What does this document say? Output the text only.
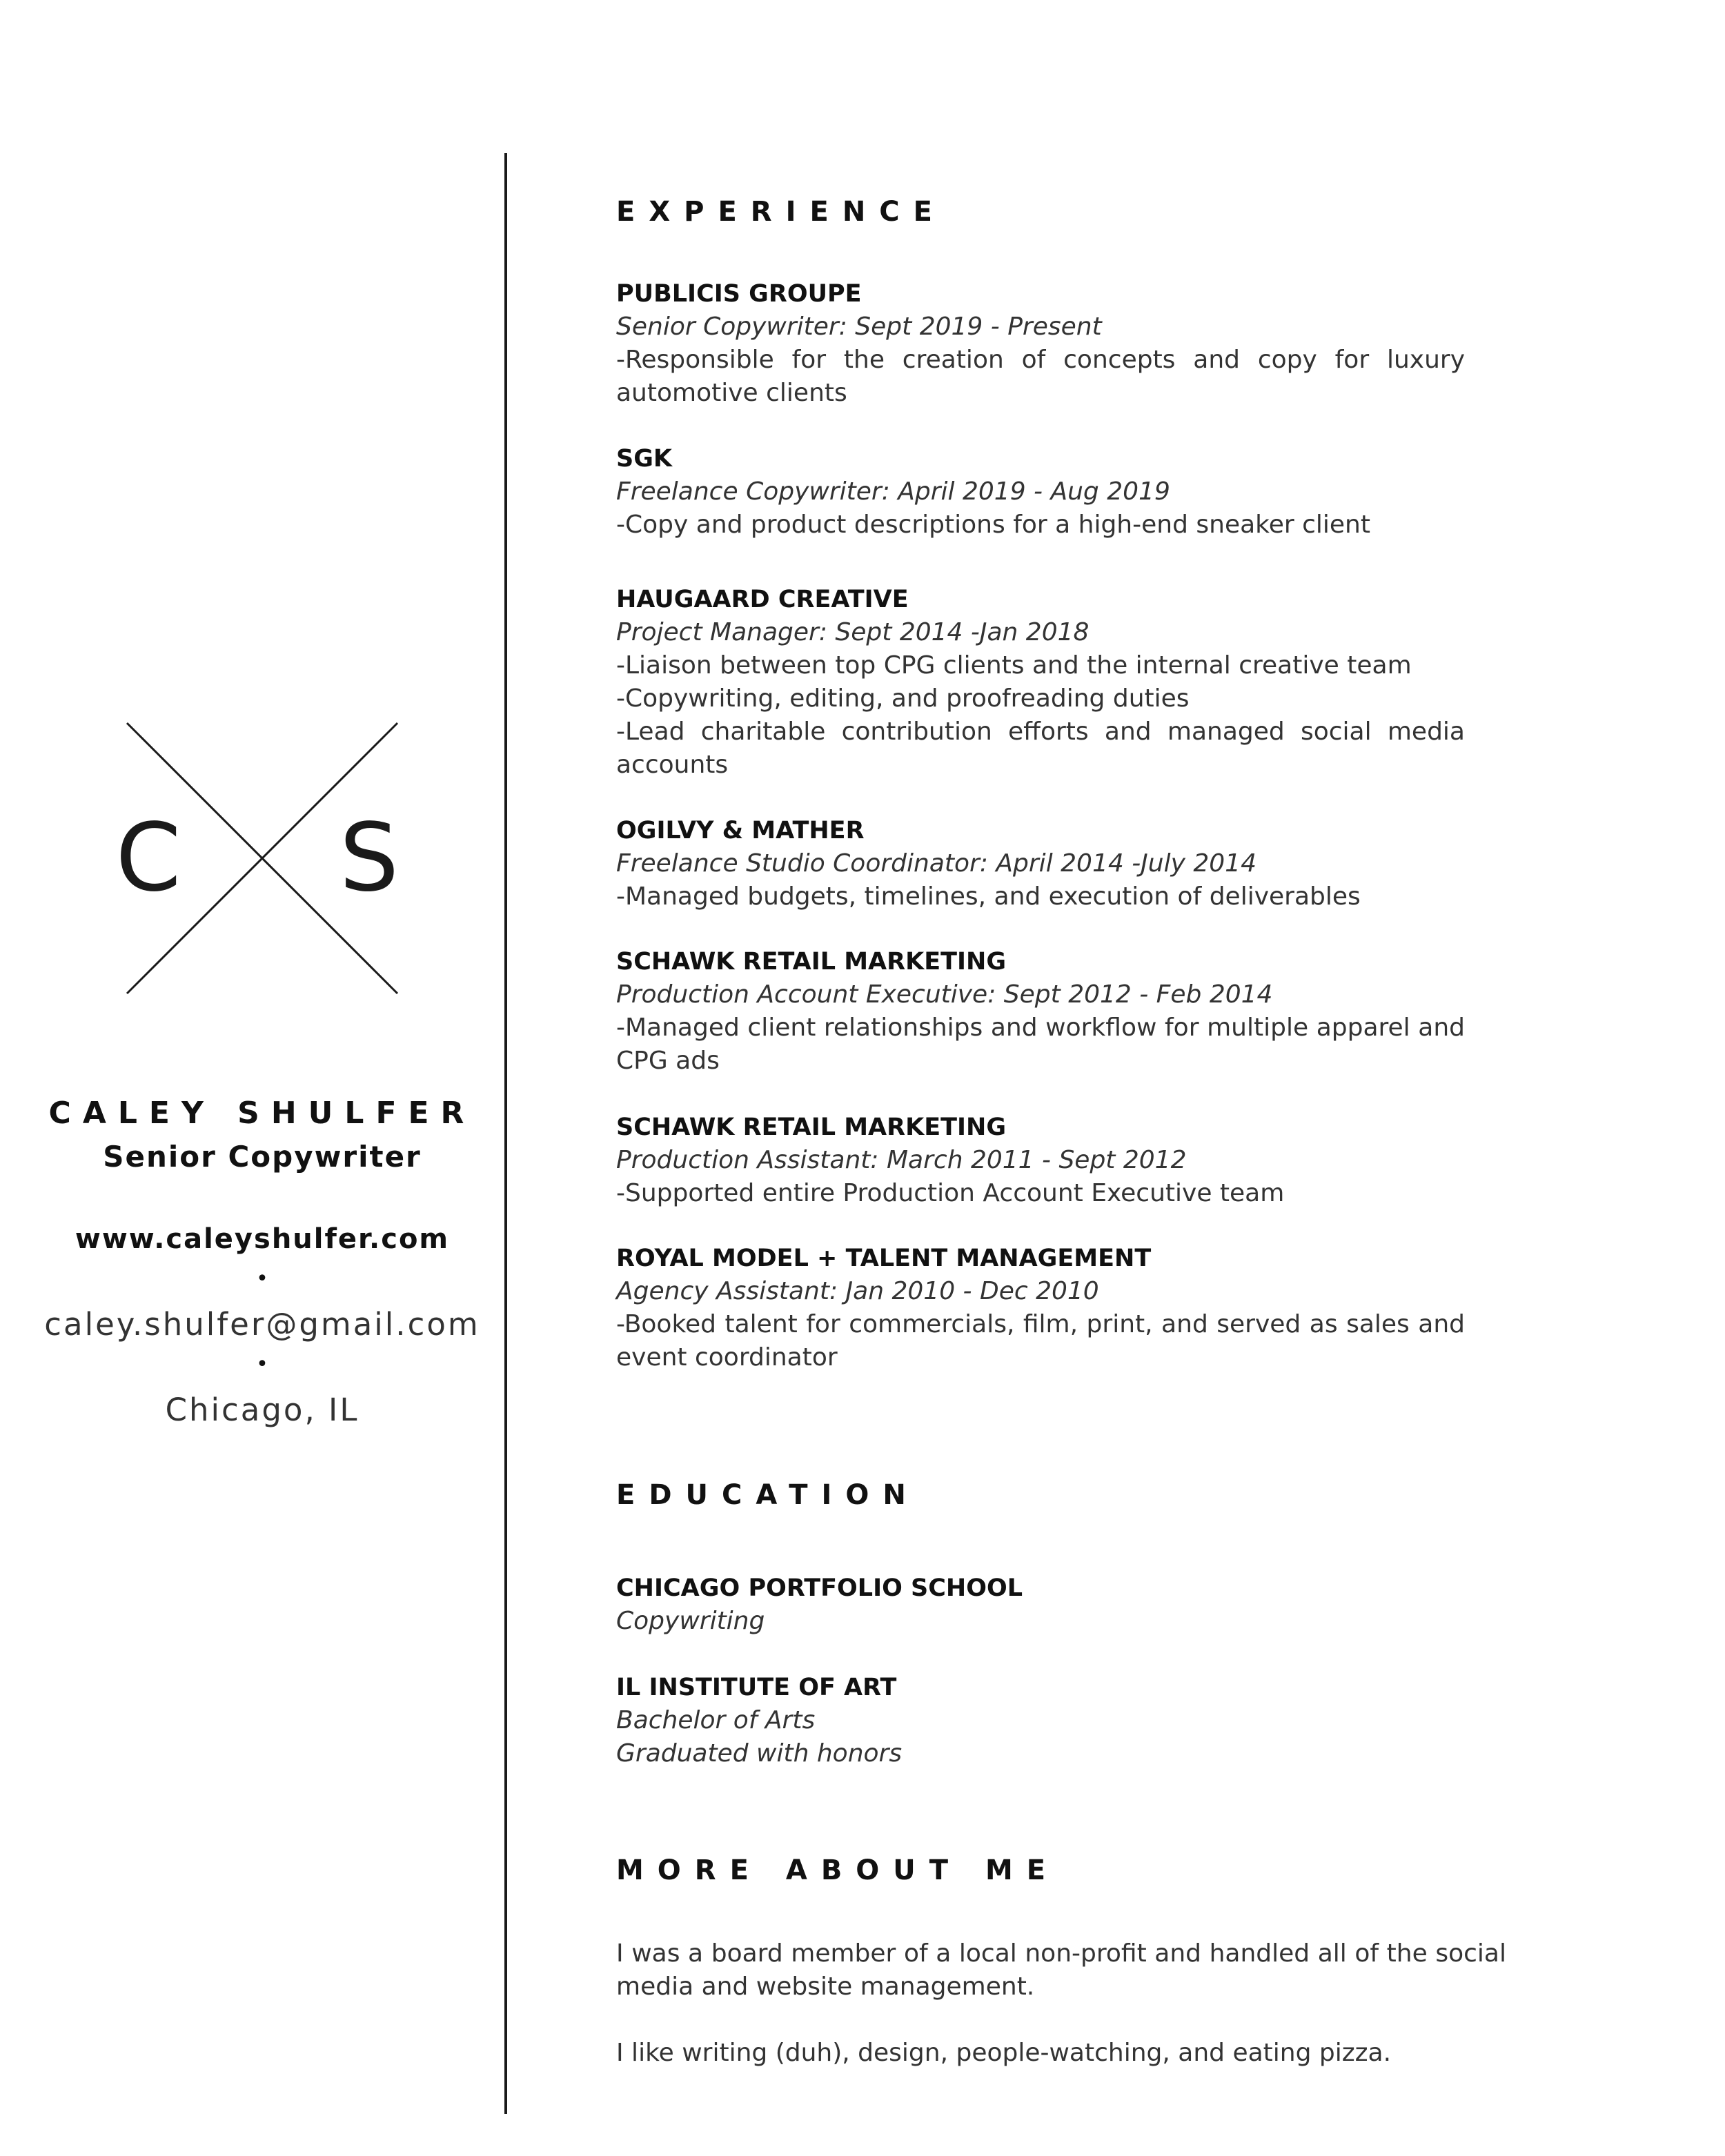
C S
CALEY SHULFER
Senior Copywriter
www.caleyshulfer.com
•
caley.shulfer@gmail.com
•
Chicago, IL
EXPERIENCE
PUBLICIS GROUPE
Senior Copywriter: Sept 2019 - Present
-Responsible for the creation of concepts and copy for luxury automotive clients
SGK
Freelance Copywriter: April 2019 - Aug 2019
-Copy and product descriptions for a high-end sneaker client
HAUGAARD CREATIVE
Project Manager: Sept 2014 -Jan 2018
-Liaison between top CPG clients and the internal creative team
-Copywriting, editing, and proofreading duties
-Lead charitable contribution efforts and managed social media accounts
OGILVY & MATHER
Freelance Studio Coordinator: April 2014 -July 2014
-Managed budgets, timelines, and execution of deliverables
SCHAWK RETAIL MARKETING
Production Account Executive: Sept 2012 - Feb 2014
-Managed client relationships and workflow for multiple apparel and CPG ads
SCHAWK RETAIL MARKETING
Production Assistant: March 2011 - Sept 2012
-Supported entire Production Account Executive team
ROYAL MODEL + TALENT MANAGEMENT
Agency Assistant: Jan 2010 - Dec 2010
-Booked talent for commercials, film, print, and served as sales and event coordinator
EDUCATION
CHICAGO PORTFOLIO SCHOOL
Copywriting
IL INSTITUTE OF ART
Bachelor of Arts
Graduated with honors
MORE ABOUT ME
I was a board member of a local non-profit and handled all of the social media and website management.
I like writing (duh), design, people-watching, and eating pizza.
